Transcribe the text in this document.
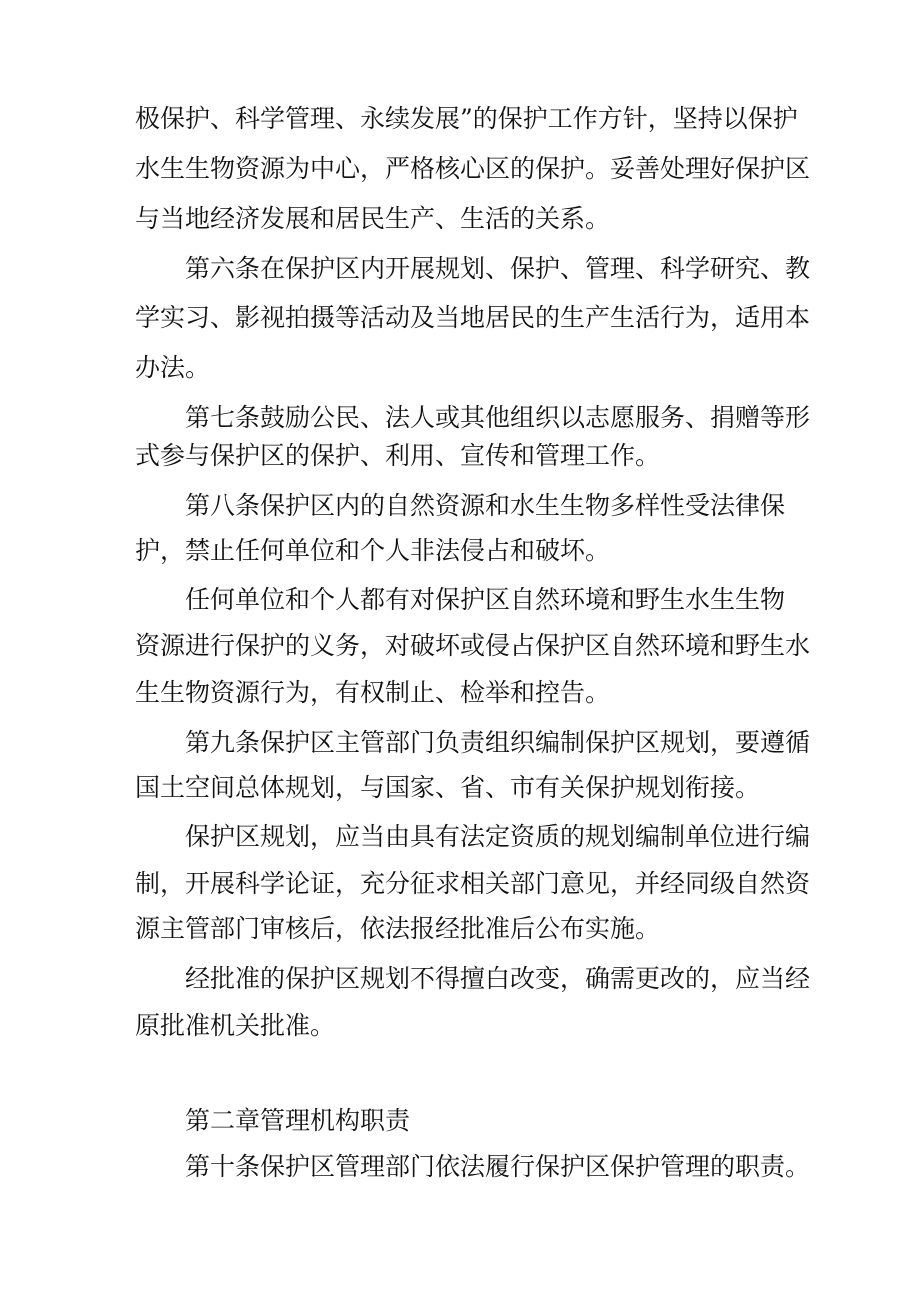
极保护、科学管理、永续发展”的保护工作方针，坚持以保护
水生生物资源为中心，严格核心区的保护。妥善处理好保护区
与当地经济发展和居民生产、生活的关系。
第六条在保护区内开展规划、保护、管理、科学研究、教
学实习、影视拍摄等活动及当地居民的生产生活行为，适用本
办法。
第七条鼓励公民、法人或其他组织以志愿服务、捐赠等形
式参与保护区的保护、利用、宣传和管理工作。
第八条保护区内的自然资源和水生生物多样性受法律保
护，禁止任何单位和个人非法侵占和破坏。
任何单位和个人都有对保护区自然环境和野生水生生物
资源进行保护的义务，对破坏或侵占保护区自然环境和野生水
生生物资源行为，有权制止、检举和控告。
第九条保护区主管部门负责组织编制保护区规划，要遵循
国土空间总体规划，与国家、省、市有关保护规划衔接。
保护区规划，应当由具有法定资质的规划编制单位进行编
制，开展科学论证，充分征求相关部门意见，并经同级自然资
源主管部门审核后，依法报经批准后公布实施。
经批准的保护区规划不得擅白改变，确需更改的，应当经
原批准机关批准。
第二章管理机构职责
第十条保护区管理部门依法履行保护区保护管理的职责。
